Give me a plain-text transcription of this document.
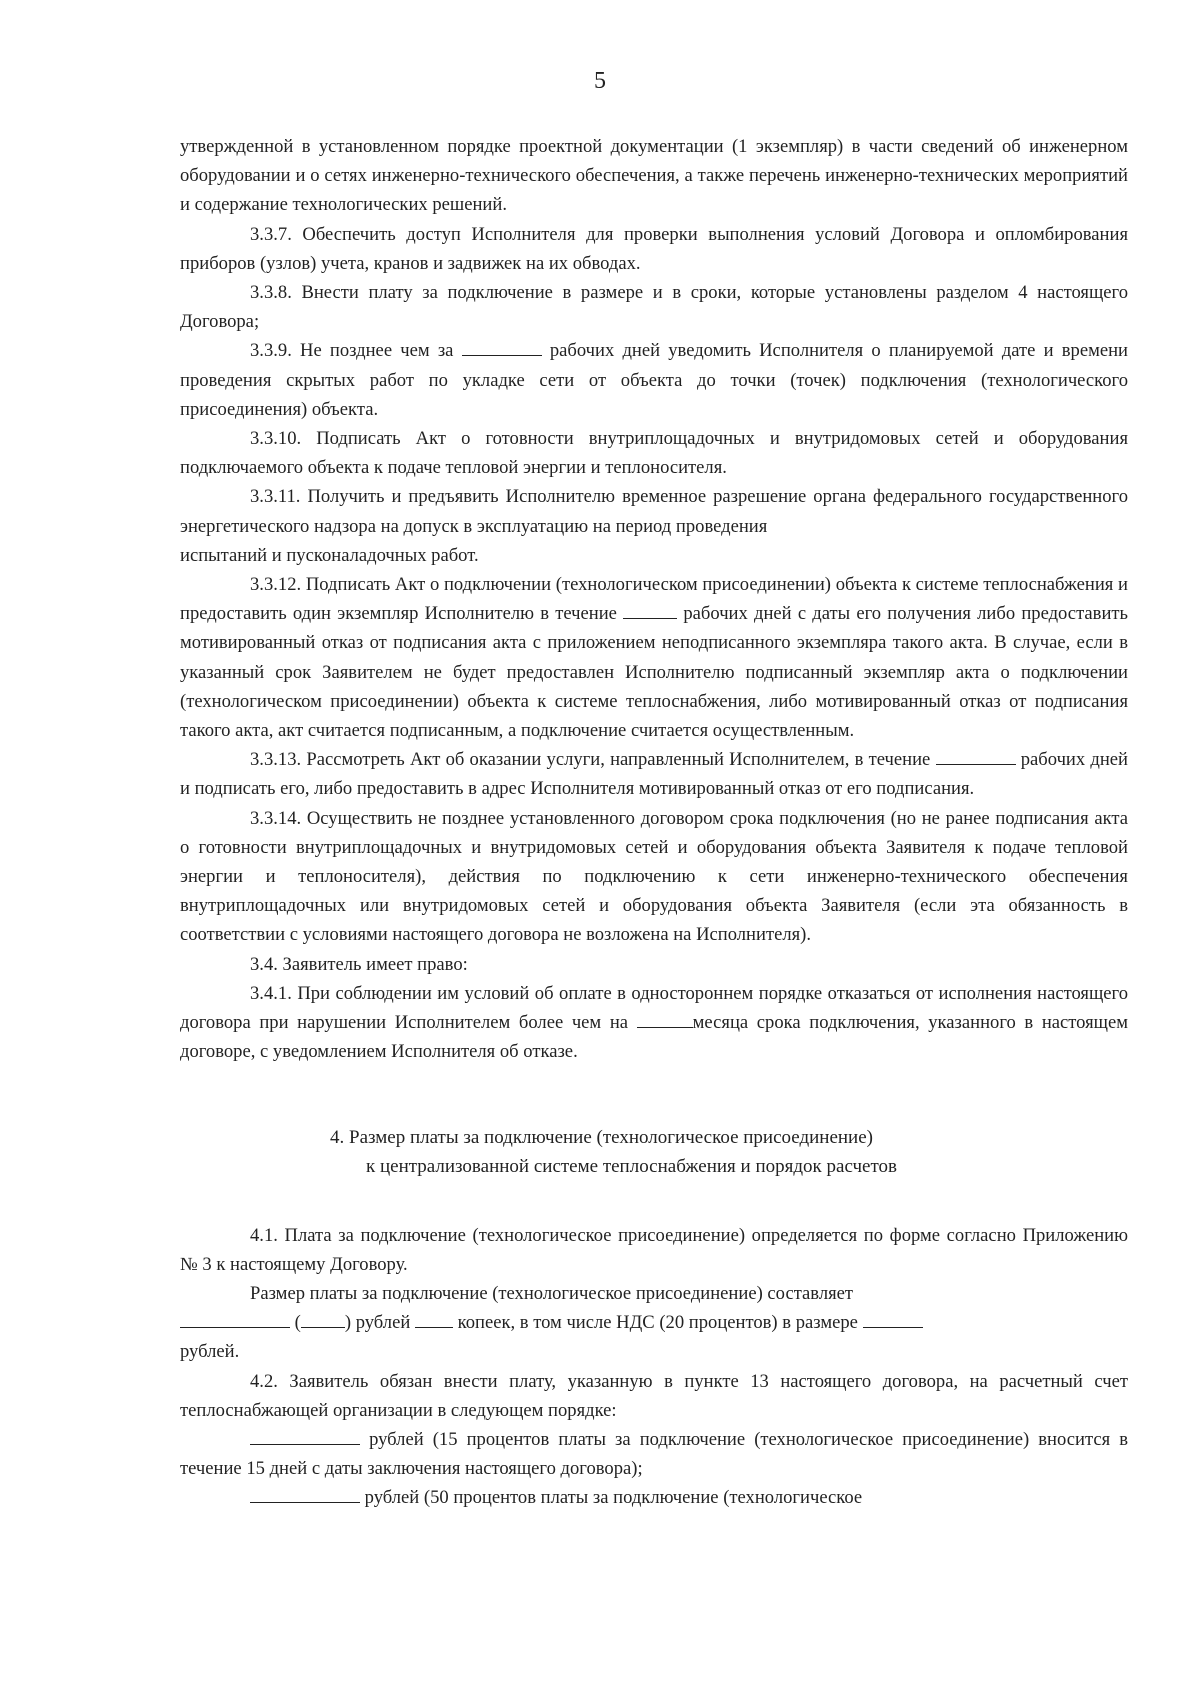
5

утвержденной в установленном порядке проектной документации (1 экземпляр) в части сведений об инженерном оборудовании и о сетях инженерно-технического обеспечения, а также перечень инженерно-технических мероприятий и содержание технологических решений.

3.3.7. Обеспечить доступ Исполнителя для проверки выполнения условий Договора и опломбирования приборов (узлов) учета, кранов и задвижек на их обводах.

3.3.8. Внести плату за подключение в размере и в сроки, которые установлены разделом 4 настоящего Договора;

3.3.9. Не позднее чем за	рабочих дней уведомить Исполнителя о планируемой дате и времени проведения скрытых работ по укладке сети от объекта до точки (точек) подключения (технологического присоединения) объекта.

3.3.10. Подписать Акт о готовности внутриплощадочных и внутридомовых сетей и оборудования подключаемого объекта к подаче тепловой энергии и теплоносителя.

3.3.11. Получить и предъявить Исполнителю временное разрешение органа федерального государственного энергетического надзора на допуск в эксплуатацию на период проведения

испытаний и пусконаладочных работ.

3.3.12. Подписать Акт о подключении (технологическом присоединении) объекта к системе теплоснабжения и предоставить один экземпляр Исполнителю в течение	рабочих дней с даты его получения либо предоставить мотивированный отказ от подписания акта с приложением неподписанного экземпляра такого акта. В случае, если в указанный срок Заявителем не будет предоставлен Исполнителю подписанный экземпляр акта о подключении (технологическом присоединении) объекта к системе теплоснабжения, либо мотивированный отказ от подписания такого акта, акт считается подписанным, а подключение считается осуществленным.

3.3.13. Рассмотреть Акт об оказании услуги, направленный Исполнителем, в течение	рабочих дней и подписать его, либо предоставить в адрес Исполнителя мотивированный отказ от его подписания.

3.3.14. Осуществить не позднее установленного договором срока подключения (но не ранее подписания акта о готовности внутриплощадочных и внутридомовых сетей и оборудования объекта Заявителя к подаче тепловой энергии и теплоносителя), действия по подключению к сети инженерно-технического обеспечения внутриплощадочных или внутридомовых сетей и оборудования объекта Заявителя (если эта обязанность в соответствии с условиями настоящего договора не возложена на Исполнителя).

3.4. Заявитель имеет право:

3.4.1. При соблюдении им условий об оплате в одностороннем порядке отказаться от исполнения настоящего договора при нарушении Исполнителем более чем на	месяца срока подключения, указанного в настоящем договоре, с уведомлением Исполнителя об отказе.

4. Размер платы за подключение (технологическое присоединение)
к централизованной системе теплоснабжения и порядок расчетов

4.1. Плата за подключение (технологическое присоединение) определяется по форме согласно Приложению № 3 к настоящему Договору.

Размер платы за подключение (технологическое присоединение) составляет

( ) рублей	копеек, в том числе НДС (20 процентов) в размере

рублей.

4.2. Заявитель обязан внести плату, указанную в пункте 13 настоящего договора, на расчетный счет теплоснабжающей организации в следующем порядке:

рублей (15 процентов платы за подключение (технологическое присоединение) вносится в течение 15 дней с даты заключения настоящего договора);

рублей (50 процентов платы за подключение (технологическое
